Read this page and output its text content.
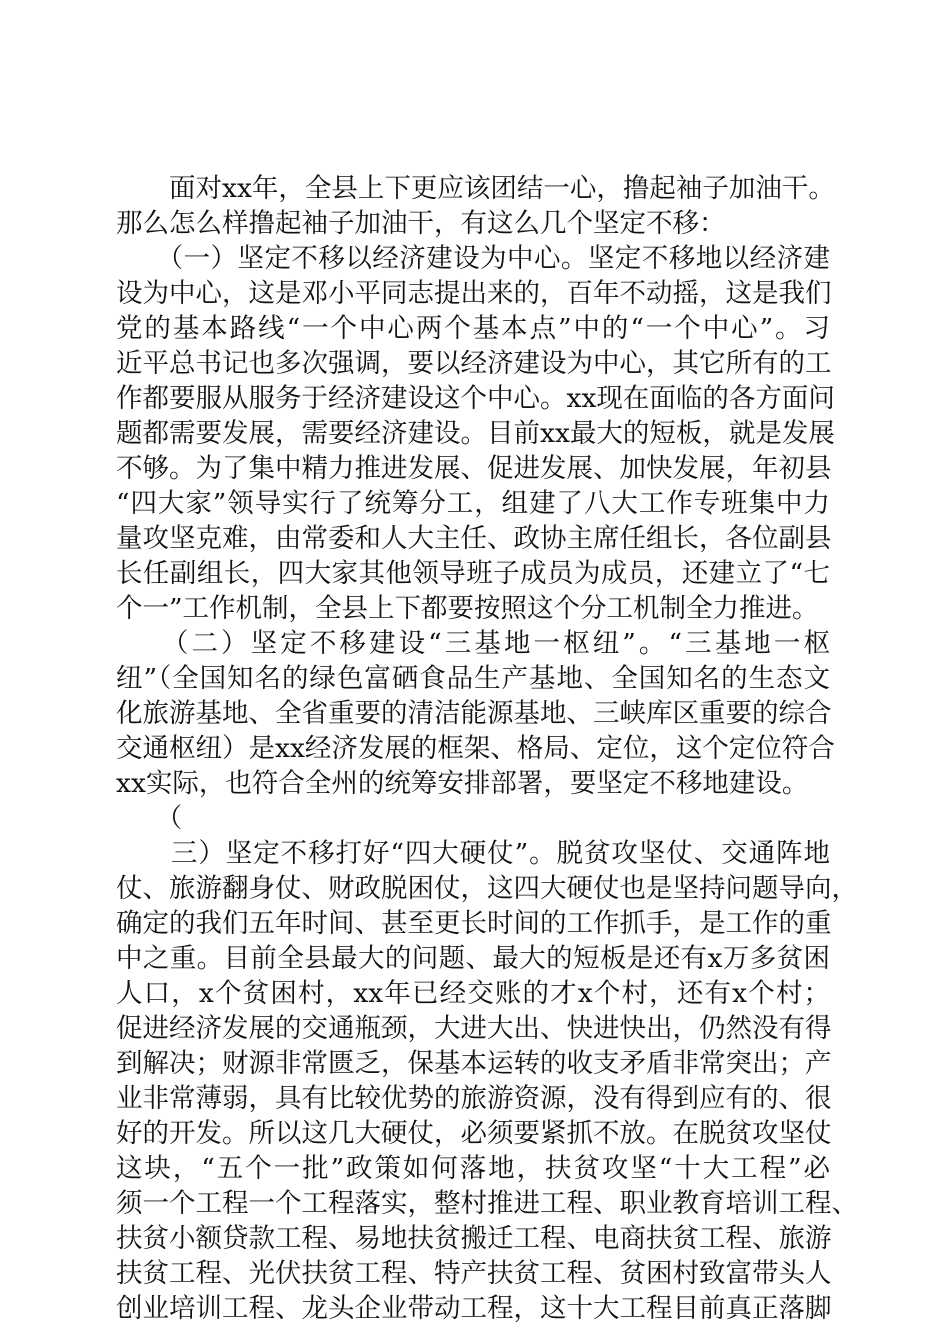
　　面对xx年，全县上下更应该团结一心，撸起袖子加油干。
那么怎么样撸起袖子加油干，有这么几个坚定不移：
　　（一）坚定不移以经济建设为中心。坚定不移地以经济建
设为中心，这是邓小平同志提出来的，百年不动摇，这是我们
党的基本路线“一个中心两个基本点”中的“一个中心”。习
近平总书记也多次强调，要以经济建设为中心，其它所有的工
作都要服从服务于经济建设这个中心。xx现在面临的各方面问
题都需要发展，需要经济建设。目前xx最大的短板，就是发展
不够。为了集中精力推进发展、促进发展、加快发展，年初县
“四大家”领导实行了统筹分工，组建了八大工作专班集中力
量攻坚克难，由常委和人大主任、政协主席任组长，各位副县
长任副组长，四大家其他领导班子成员为成员，还建立了“七
个一”工作机制，全县上下都要按照这个分工机制全力推进。
　　（二）坚定不移建设“三基地一枢纽”。“三基地一枢
纽”（全国知名的绿色富硒食品生产基地、全国知名的生态文
化旅游基地、全省重要的清洁能源基地、三峡库区重要的综合
交通枢纽）是xx经济发展的框架、格局、定位，这个定位符合
xx实际，也符合全州的统筹安排部署，要坚定不移地建设。
　　（
　　三）坚定不移打好“四大硬仗”。脱贫攻坚仗、交通阵地
仗、旅游翻身仗、财政脱困仗，这四大硬仗也是坚持问题导向，
确定的我们五年时间、甚至更长时间的工作抓手，是工作的重
中之重。目前全县最大的问题、最大的短板是还有x万多贫困
人口，x个贫困村，xx年已经交账的才x个村，还有x个村；
促进经济发展的交通瓶颈，大进大出、快进快出，仍然没有得
到解决；财源非常匮乏，保基本运转的收支矛盾非常突出；产
业非常薄弱，具有比较优势的旅游资源，没有得到应有的、很
好的开发。所以这几大硬仗，必须要紧抓不放。在脱贫攻坚仗
这块，“五个一批”政策如何落地，扶贫攻坚“十大工程”必
须一个工程一个工程落实，整村推进工程、职业教育培训工程、
扶贫小额贷款工程、易地扶贫搬迁工程、电商扶贫工程、旅游
扶贫工程、光伏扶贫工程、特产扶贫工程、贫困村致富带头人
创业培训工程、龙头企业带动工程，这十大工程目前真正落脚
